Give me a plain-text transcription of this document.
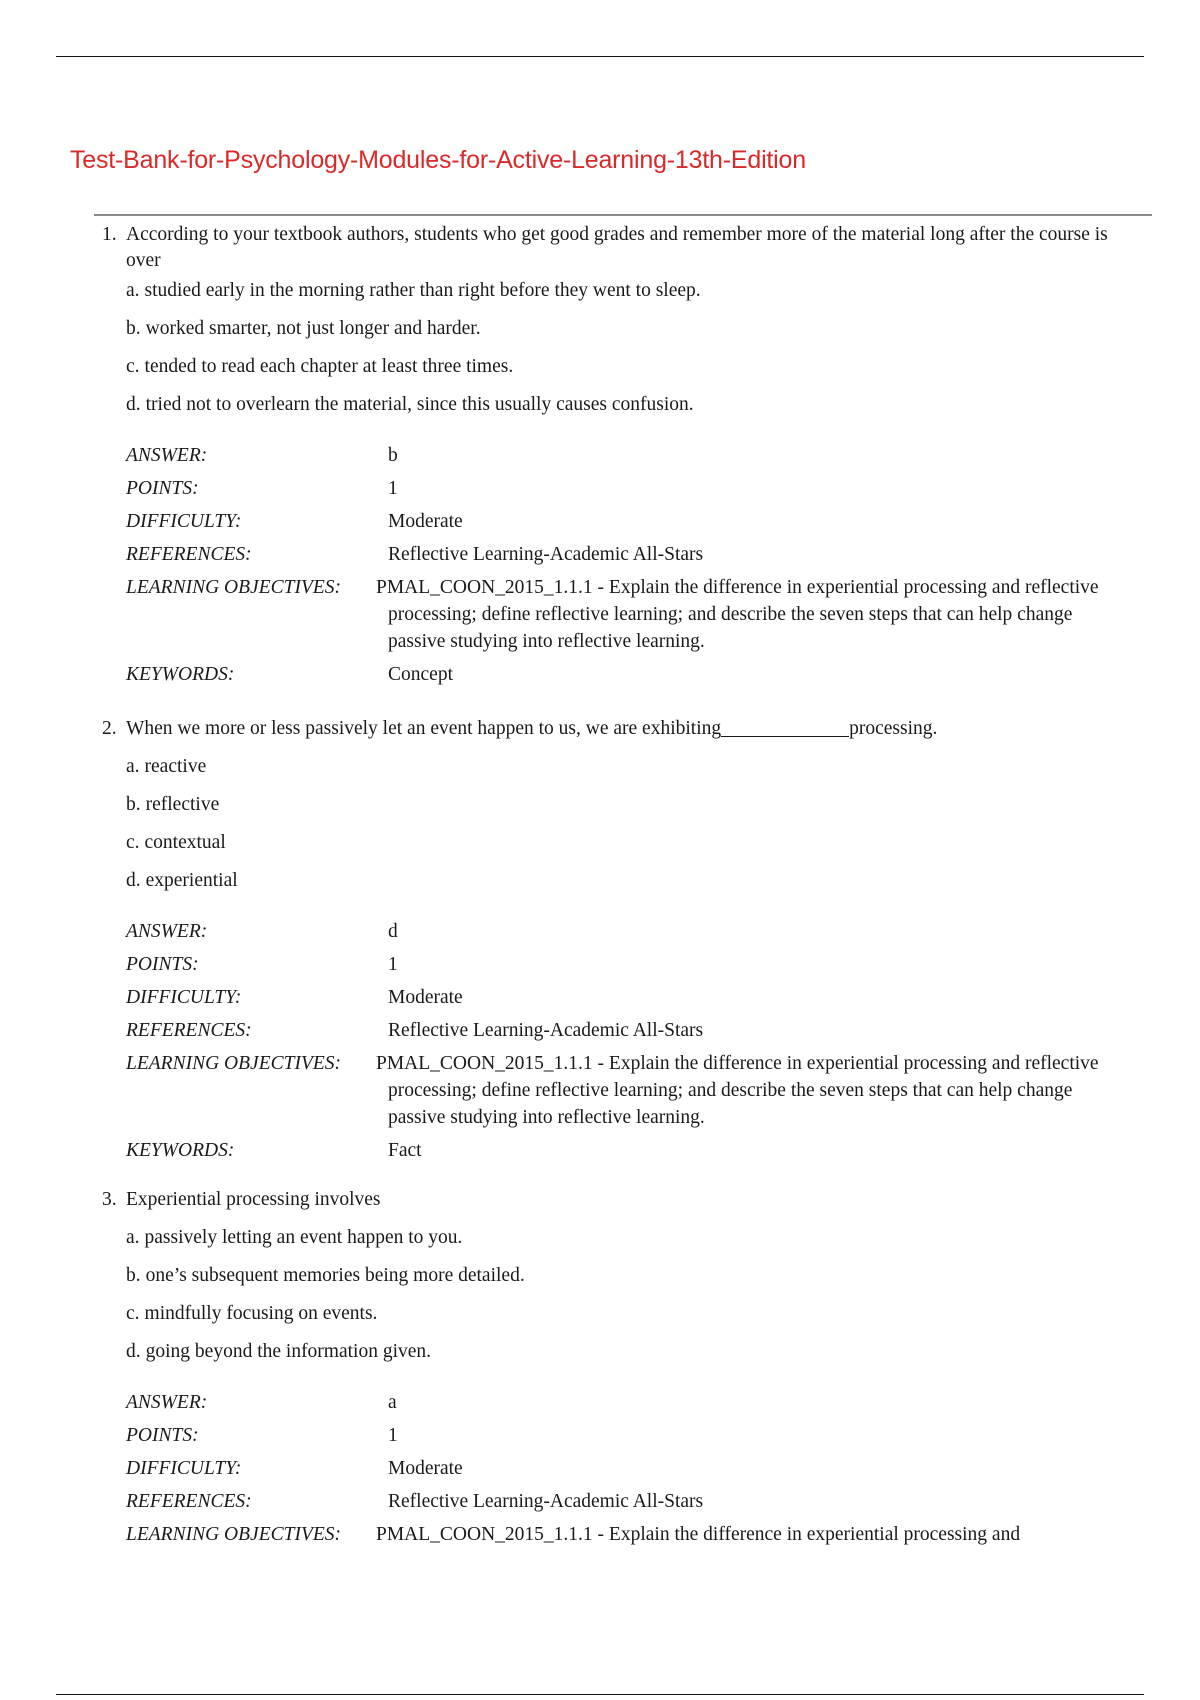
Test-Bank-for-Psychology-Modules-for-Active-Learning-13th-Edition
1. According to your textbook authors, students who get good grades and remember more of the material long after the course is over
a. studied early in the morning rather than right before they went to sleep.
b. worked smarter, not just longer and harder.
c. tended to read each chapter at least three times.
d. tried not to overlearn the material, since this usually causes confusion.
ANSWER:	b
POINTS:	1
DIFFICULTY:	Moderate
REFERENCES:	Reflective Learning-Academic All-Stars
LEARNING OBJECTIVES:	PMAL_COON_2015_1.1.1 - Explain the difference in experiential processing and reflective processing; define reflective learning; and describe the seven steps that can help change passive studying into reflective learning.
KEYWORDS:	Concept
2. When we more or less passively let an event happen to us, we are exhibiting	processing.
a. reactive
b. reflective
c. contextual
d. experiential
ANSWER:	d
POINTS:	1
DIFFICULTY:	Moderate
REFERENCES:	Reflective Learning-Academic All-Stars
LEARNING OBJECTIVES:	PMAL_COON_2015_1.1.1 - Explain the difference in experiential processing and reflective processing; define reflective learning; and describe the seven steps that can help change passive studying into reflective learning.
KEYWORDS:	Fact
3. Experiential processing involves
a. passively letting an event happen to you.
b. one’s subsequent memories being more detailed.
c. mindfully focusing on events.
d. going beyond the information given.
ANSWER:	a
POINTS:	1
DIFFICULTY:	Moderate
REFERENCES:	Reflective Learning-Academic All-Stars
LEARNING OBJECTIVES:	PMAL_COON_2015_1.1.1 - Explain the difference in experiential processing and
